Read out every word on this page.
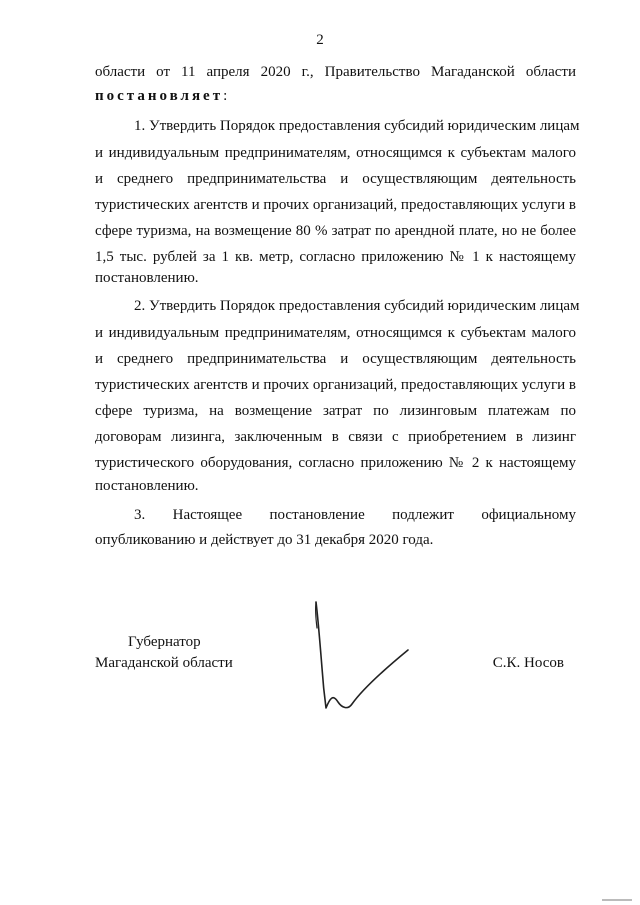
2
области от 11 апреля 2020 г., Правительство Магаданской области
постановляет:
1. Утвердить Порядок предоставления субсидий юридическим лицам
и индивидуальным предпринимателям, относящимся к субъектам малого
и среднего предпринимательства и осуществляющим деятельность
туристических агентств и прочих организаций, предоставляющих услуги в
сфере туризма, на возмещение 80 % затрат по арендной плате, но не более
1,5 тыс. рублей за 1 кв. метр, согласно приложению № 1 к настоящему
постановлению.
2. Утвердить Порядок предоставления субсидий юридическим лицам
и индивидуальным предпринимателям, относящимся к субъектам малого
и среднего предпринимательства и осуществляющим деятельность
туристических агентств и прочих организаций, предоставляющих услуги в
сфере туризма, на возмещение затрат по лизинговым платежам по
договорам лизинга, заключенным в связи с приобретением в лизинг
туристического оборудования, согласно приложению № 2 к настоящему
постановлению.
3. Настоящее постановление подлежит официальному
опубликованию и действует до 31 декабря 2020 года.
Губернатор
Магаданской области	С.К. Носов
